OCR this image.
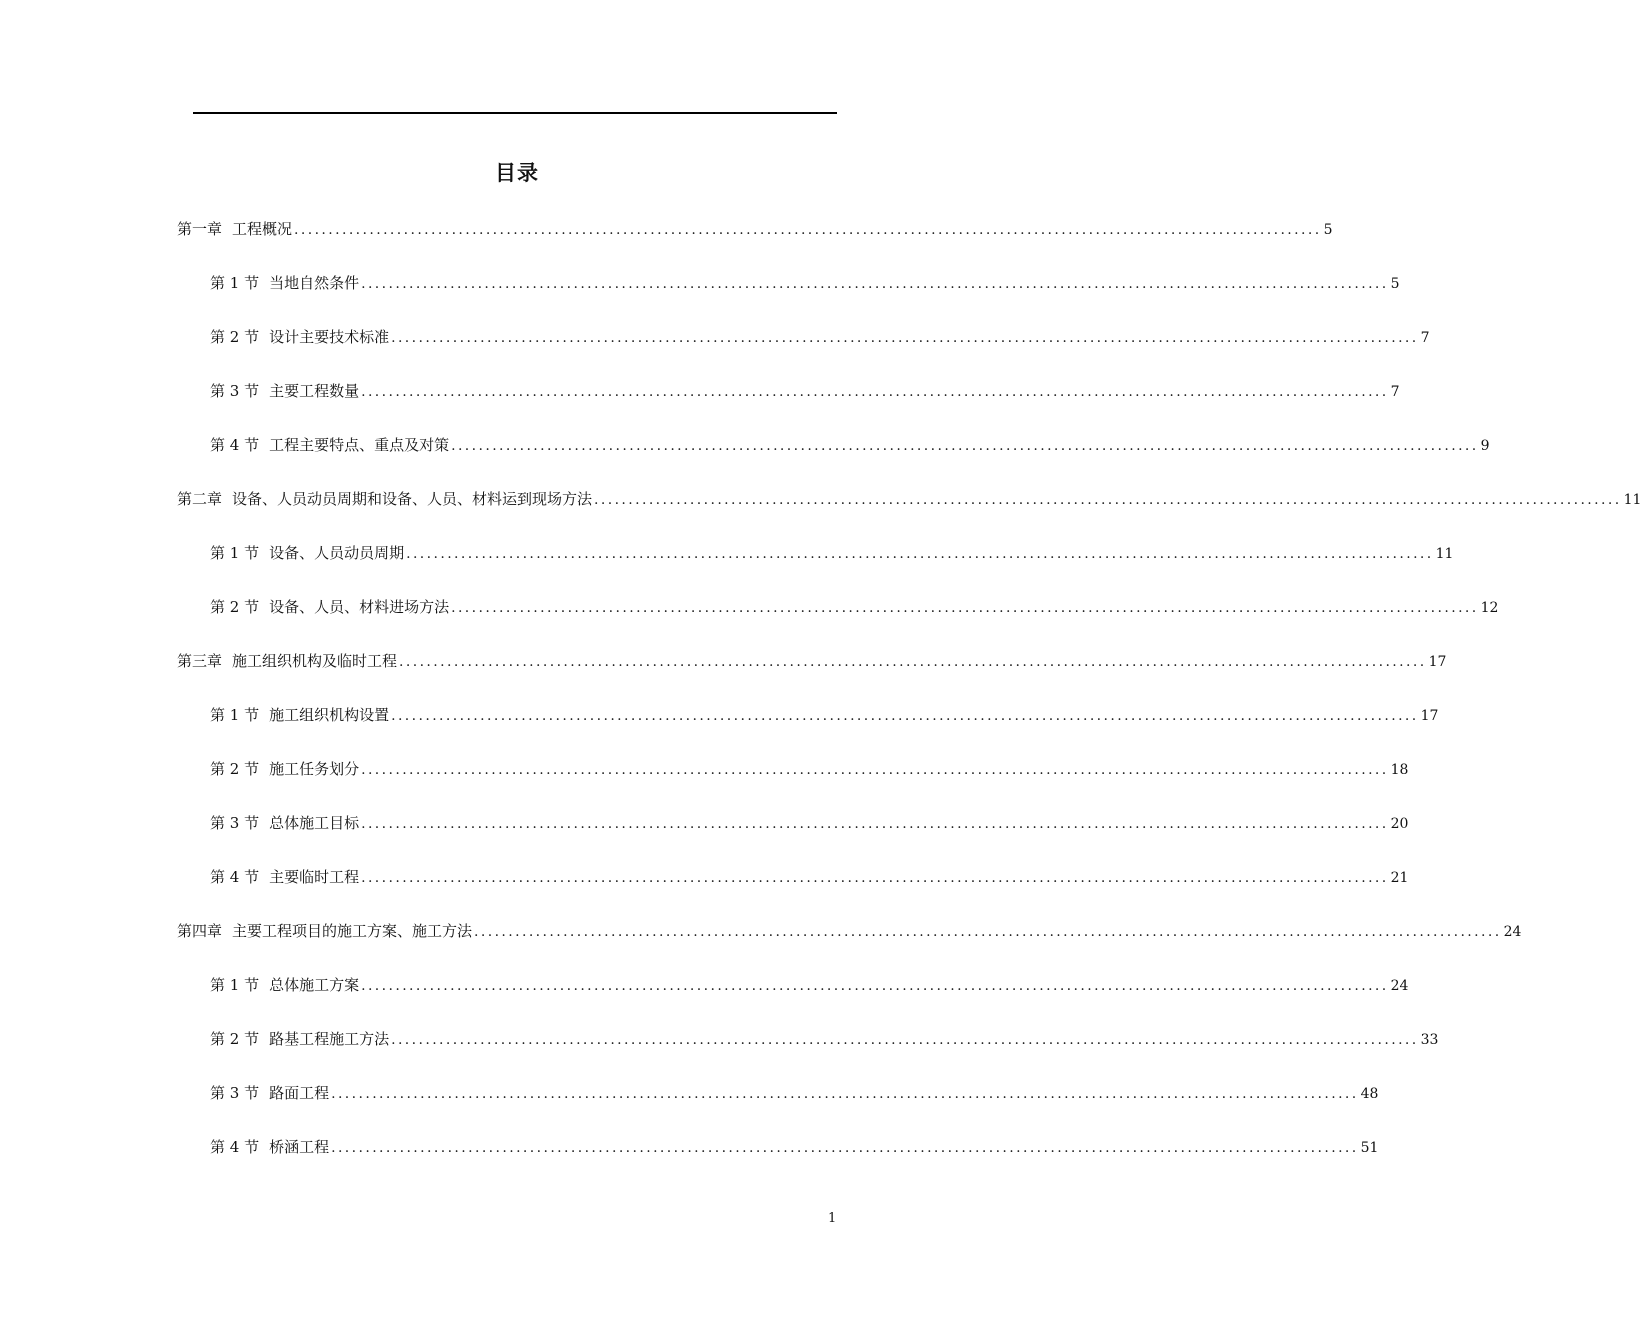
目录
第一章 工程概况 ...................................................................................................................................................... 5
第 1 节 当地自然条件 ...................................................................................................................................................... 5
第 2 节 设计主要技术标准 ...................................................................................................................................................... 7
第 3 节 主要工程数量 ...................................................................................................................................................... 7
第 4 节 工程主要特点、重点及对策 ...................................................................................................................................................... 9
第二章 设备、人员动员周期和设备、人员、材料运到现场方法 ...................................................................................................................................................... 11
第 1 节 设备、人员动员周期 ...................................................................................................................................................... 11
第 2 节 设备、人员、材料进场方法 ...................................................................................................................................................... 12
第三章 施工组织机构及临时工程 ...................................................................................................................................................... 17
第 1 节 施工组织机构设置 ...................................................................................................................................................... 17
第 2 节 施工任务划分 ...................................................................................................................................................... 18
第 3 节 总体施工目标 ...................................................................................................................................................... 20
第 4 节 主要临时工程 ...................................................................................................................................................... 21
第四章 主要工程项目的施工方案、施工方法 ...................................................................................................................................................... 24
第 1 节 总体施工方案 ...................................................................................................................................................... 24
第 2 节 路基工程施工方法 ...................................................................................................................................................... 33
第 3 节 路面工程 ...................................................................................................................................................... 48
第 4 节 桥涵工程 ...................................................................................................................................................... 51
1
